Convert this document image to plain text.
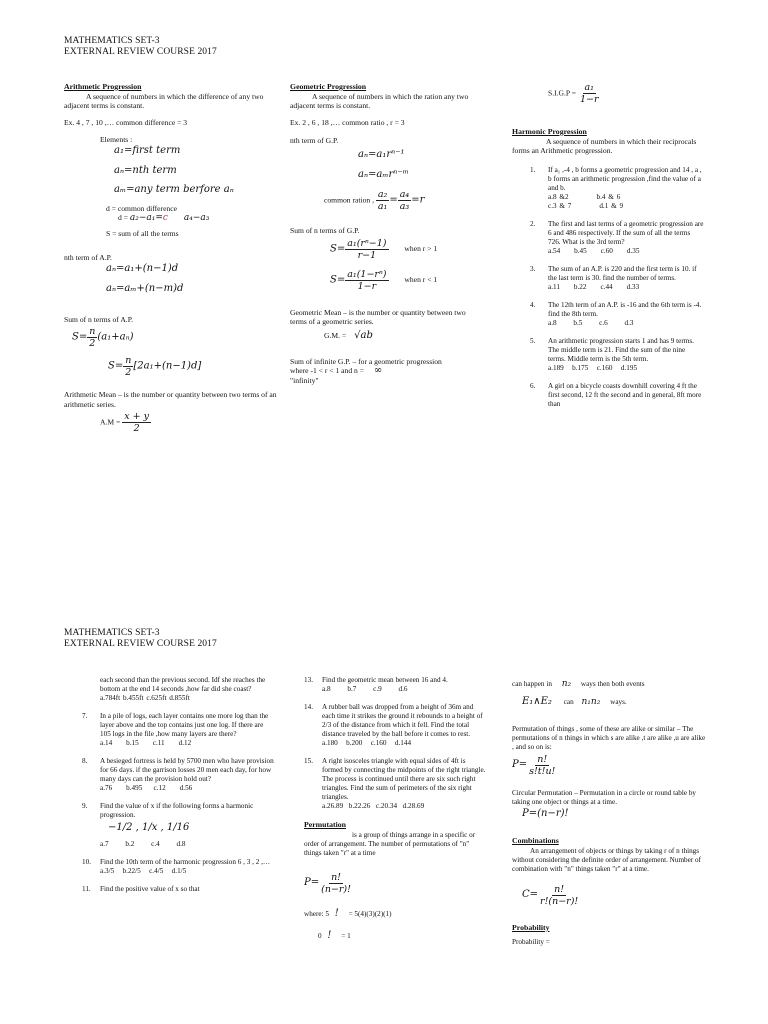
MATHEMATICS SET-3
EXTERNAL REVIEW COURSE 2017
Arithmetic Progression
A sequence of numbers in which the difference of any two adjacent terms is constant.
Ex. 4 , 7 , 10 ,… common difference = 3
Elements :
a₁=first term
aₙ=nth term
aₘ=any term berfore aₙ
d = common difference
d = a₂−a₁=c a₄−a₃
S = sum of all the terms
nth term of A.P.
aₙ=a₁+(n−1)d
aₙ=aₘ+(n−m)d
Sum of n terms of A.P.
$S= \frac{n}{2} (a_1+a_n)$
$S= \frac{n}{2} [2a_1+(n-1)d]$
Arithmetic Mean – is the number or quantity between two terms of an arithmetic series.
$A.M = \frac{x + y}{2}$
Geometric Progression
A sequence of numbers in which the ration any two adjacent terms is constant.
Ex. 2 , 6 , 18 ,… common ratio , r = 3
nth term of G.P.
aₙ=a₁rⁿ⁻¹
aₙ=aₘrⁿ⁻ᵐ
common ration , $\frac{\text{a₂}}{\text{a₁}} = \frac{\text{a₄}}{\text{a₃}} =r$
Sum of n terms of G.P.
$S= \frac{\text{a₁(rⁿ−1)}}{r-1}$ when r > 1
$S= \frac{\text{a₁(1−rⁿ)}}{1-r}$ when r < 1
Geometric Mean – is the number or quantity between two terms of a geometric series.
G.M. = √ab
Sum of infinite G.P. – for a geometric progression where -1 < r < 1 and n = ∞
"infinity"
$S.I.G.P = \frac{\text{a₁}}{1-r}$
Harmonic Progression
A sequence of numbers in which their reciprocals forms an Arithmetic progression.
1. If a₁ ,-4 , b forms a geometric progression and 14 , a , b forms an arithmetic progression ,find the value of a and b.
a.8 &2          b.4 & 6
c.3 & 7          d.1 & 9
2. The first and last terms of a geometric progression are 6 and 486 respectively. If the sum of all the terms 726. What is the 3rd term?
a.54     b.45     c.60     d.35
3. The sum of an A.P. is 220 and the first term is 10. if the last term is 30. find the number of terms.
a.11     b.22     c.44     d.33
4. The 12th term of an A.P. is -16 and the 6th term is -4. find the 8th term.
a.8      b.5      c.6      d.3
5. An arithmetic progression starts 1 and has 9 terms. The middle term is 21. Find the sum of the nine terms. Middle term is the 5th term.
a.189   b.175   c.160   d.195
6. A girl on a bicycle coasts downhill covering 4 ft the first second, 12 ft the second and in general, 8ft more than
MATHEMATICS SET-3
EXTERNAL REVIEW COURSE 2017
each second than the previous second. Idf she reaches the bottom at the end 14 seconds ,how far did she coast?
a.784ft b.455ft c.625ft d.855ft
7. In a pile of logs, each layer contains one more log than the layer above and the top contains just one log. If there are 105 logs in the file ,how many layers are there?
a.14     b.15     c.11     d.12
8. A besieged fortress is held by 5700 men who have provision for 66 days. if the garrison losses 20 men each day, for how many days can the provision hold out?
a.76     b.495    c.12     d.56
9. Find the value of x if the following forms a harmonic progression.
−1/2 , 1/x , 1/16
a.7      b.2      c.4      d.8
10. Find the 10th term of the harmonic progression 6 , 3 , 2 ,…
a.3/5   b.22/5   c.4/5   d.1/5
11. Find the positive value of x so that
13. Find the geometric mean between 16 and 4.
a.8      b.7      c.9      d.6
14. A rubber ball was dropped from a height of 36m and each time it strikes the ground it rebounds to a height of 2/3 of the distance from which it fell. Find the total distance traveled by the ball before it comes to rest.
a.180   b.200   c.160   d.144
15. A right isosceles triangle with equal sides of 4ft is formed by connecting the midpoints of the right triangle. The process is continued until there are six such right triangles. Find the sum of perimeters of the six right triangles.
a.26.89  b.22.26  c.20.34  d.28.69
Permutation
is a group of things arrange in a specific or order of arrangement. The number of permutations of "n" things taken "r" at a time
$P= \frac{n!}{(n-r)!}$
where: 5 ! = 5(4)(3)(2)(1)
0 ! = 1
can happen in n₂ ways then both events
E₁∧E₂ can n₁n₂ ways.
Permutation of things , some of these are alike or similar – The permutations of n things in which s are alike ,t are alike ,u are alike , and so on is:
$P= \frac{n!}{s!t!u!}$
Circular Permutation – Permutation in a circle or round table by taking one object or things at a time.
P=(n−r)!
Combinations
An arrangement of objects or things by taking r of n things without considering the definite order of arrangement. Number of combination with "n" things taken "r" at a time.
$C= \frac{n!}{r!(n-r)!}$
Probability
Probability =
